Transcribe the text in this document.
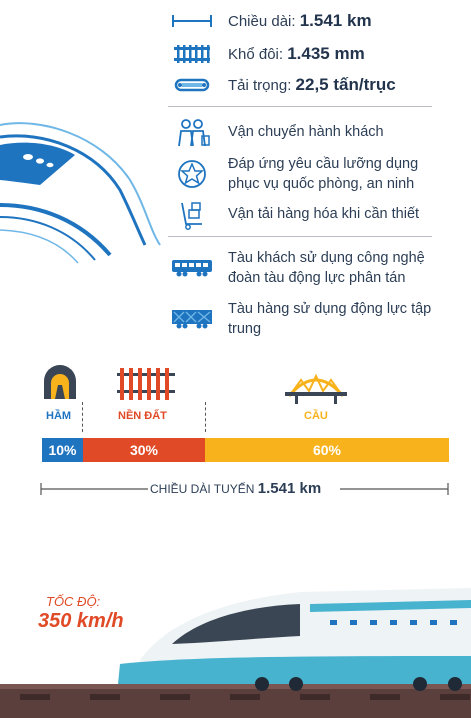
Chiều dài: 1.541 km
Khổ đôi: 1.435 mm
Tải trọng: 22,5 tấn/trục
Vận chuyển hành khách
Đáp ứng yêu cầu lưỡng dụng phục vụ quốc phòng, an ninh
Vận tải hàng hóa khi cần thiết
Tàu khách sử dụng công nghệ đoàn tàu động lực phân tán
Tàu hàng sử dụng động lực tập trung
HẦM	NỀN ĐẤT	CẦU
10%	30%	60%
CHIỀU DÀI TUYẾN 1.541 km
TỐC ĐỘ:
350 km/h
